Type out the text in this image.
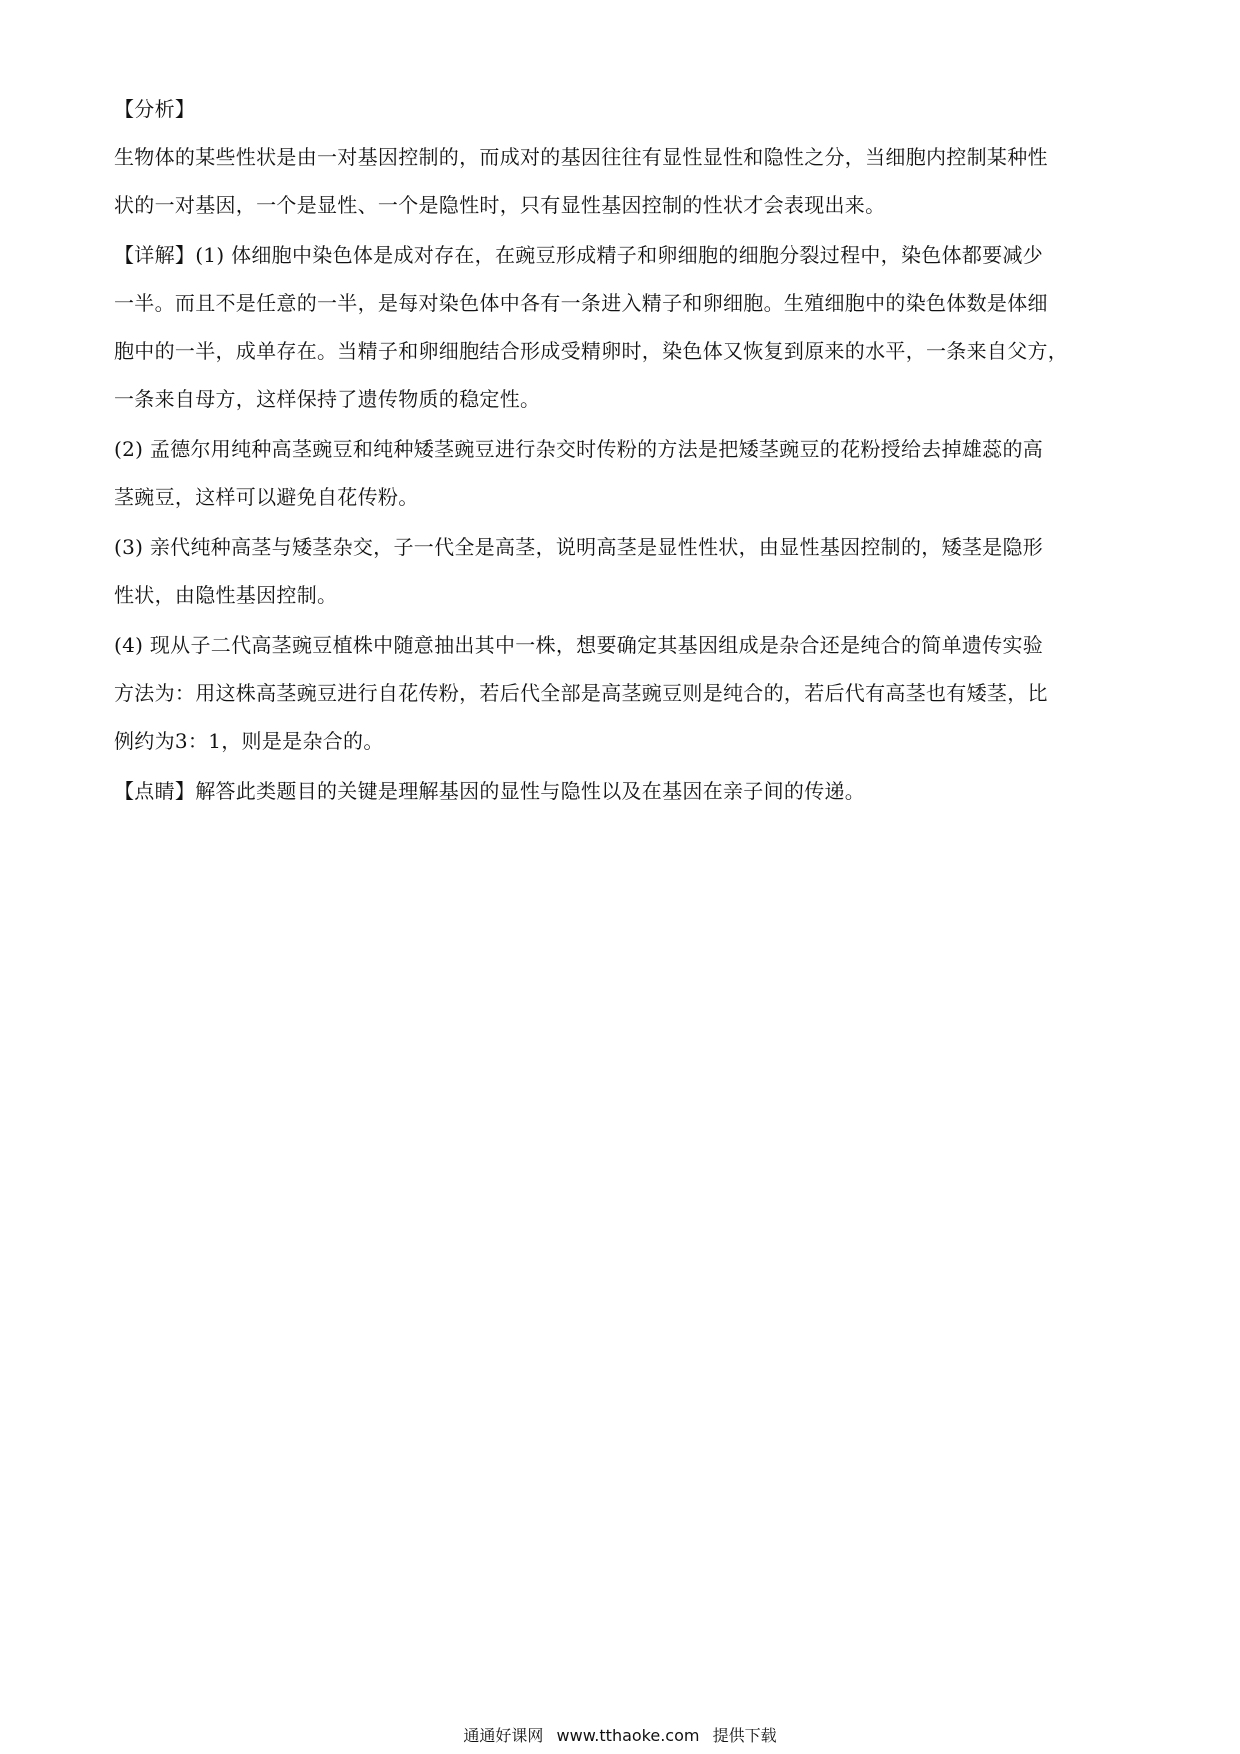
【分析】
生物体的某些性状是由一对基因控制的，而成对的基因往往有显性显性和隐性之分，当细胞内控制某种性
状的一对基因，一个是显性、一个是隐性时，只有显性基因控制的性状才会表现出来。
【详解】(1) 体细胞中染色体是成对存在，在豌豆形成精子和卵细胞的细胞分裂过程中，染色体都要减少
一半。而且不是任意的一半，是每对染色体中各有一条进入精子和卵细胞。生殖细胞中的染色体数是体细
胞中的一半，成单存在。当精子和卵细胞结合形成受精卵时，染色体又恢复到原来的水平，一条来自父方，
一条来自母方，这样保持了遗传物质的稳定性。
(2) 孟德尔用纯种高茎豌豆和纯种矮茎豌豆进行杂交时传粉的方法是把矮茎豌豆的花粉授给去掉雄蕊的高
茎豌豆，这样可以避免自花传粉。
(3) 亲代纯种高茎与矮茎杂交，子一代全是高茎，说明高茎是显性性状，由显性基因控制的，矮茎是隐形
性状，由隐性基因控制。
(4) 现从子二代高茎豌豆植株中随意抽出其中一株，想要确定其基因组成是杂合还是纯合的简单遗传实验
方法为：用这株高茎豌豆进行自花传粉，若后代全部是高茎豌豆则是纯合的，若后代有高茎也有矮茎，比
例约为3：1，则是是杂合的。
【点睛】解答此类题目的关键是理解基因的显性与隐性以及在基因在亲子间的传递。
通通好课网 www.tthaoke.com 提供下载
